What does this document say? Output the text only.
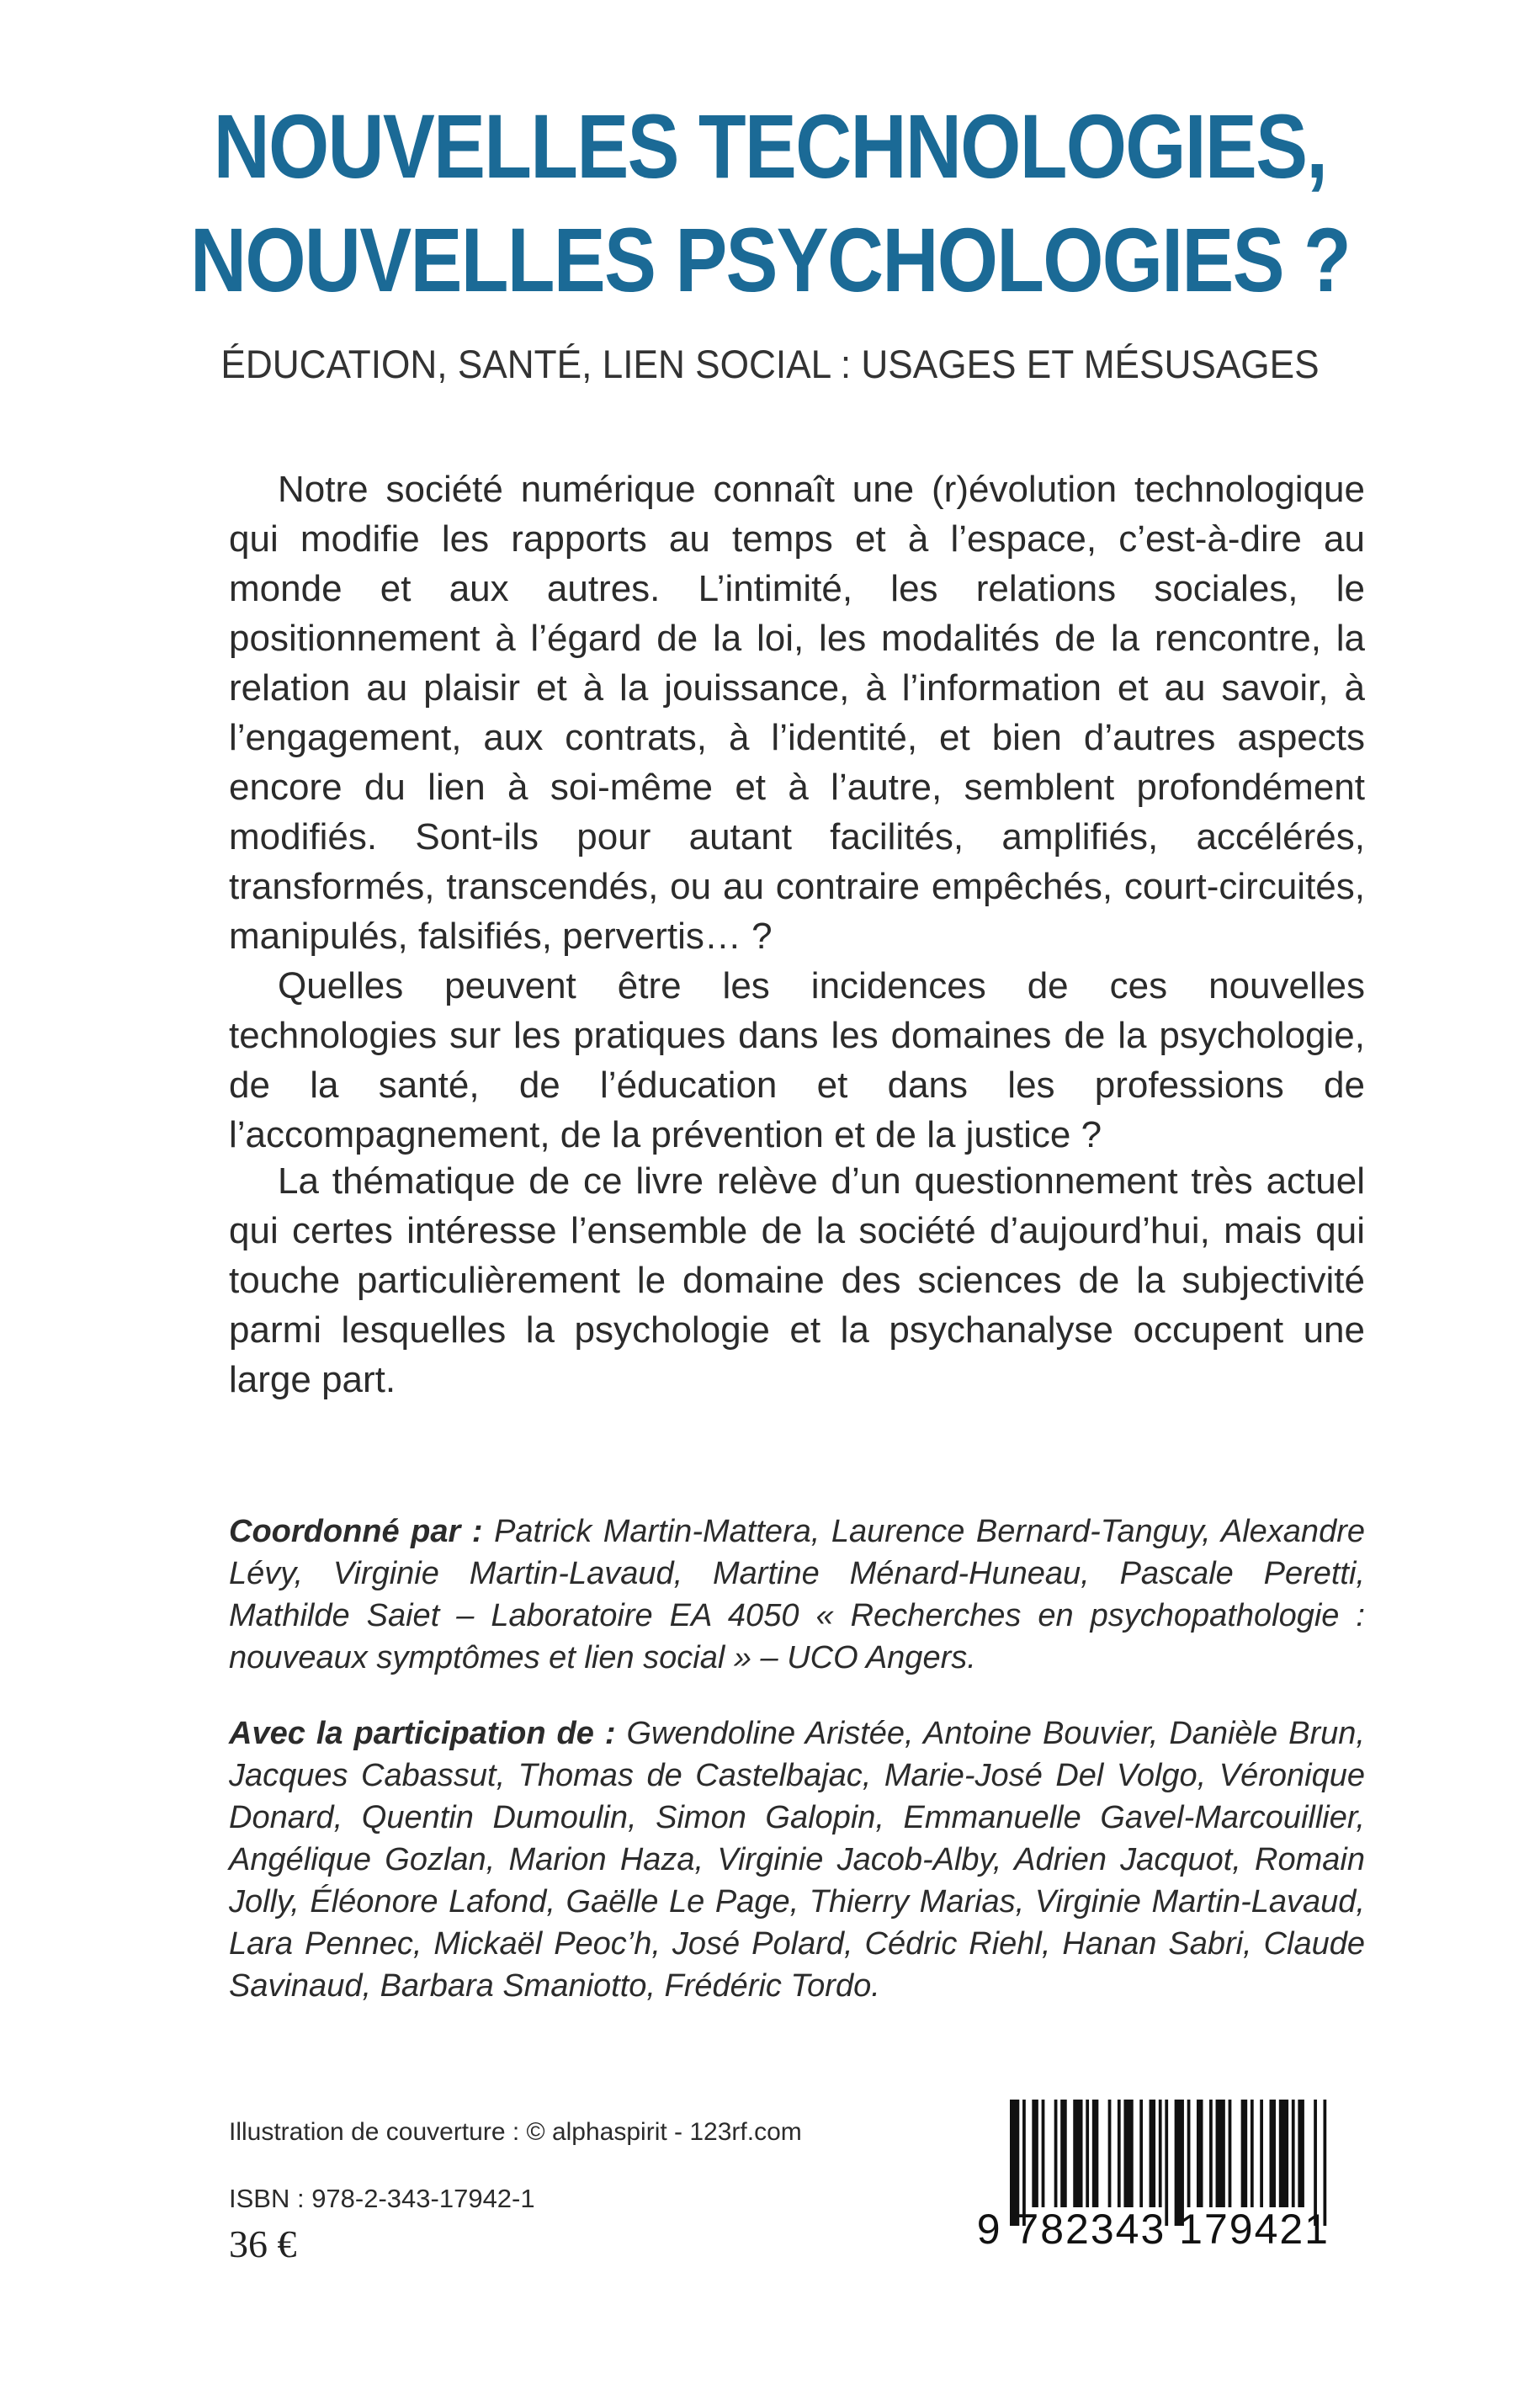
NOUVELLES TECHNOLOGIES,
NOUVELLES PSYCHOLOGIES ?
ÉDUCATION, SANTÉ, LIEN SOCIAL : USAGES ET MÉSUSAGES

Notre société numérique connaît une (r)évolution technologique qui modifie les rapports au temps et à l’espace, c’est-à-dire au monde et aux autres. L’intimité, les relations sociales, le positionnement à l’égard de la loi, les modalités de la rencontre, la relation au plaisir et à la jouissance, à l’information et au savoir, à l’engagement, aux contrats, à l’identité, et bien d’autres aspects encore du lien à soi-même et à l’autre, semblent profondément modifiés. Sont-ils pour autant facilités, amplifiés, accélérés, transformés, transcendés, ou au contraire empêchés, court-circuités, manipulés, falsifiés, pervertis… ?

Quelles peuvent être les incidences de ces nouvelles technologies sur les pratiques dans les domaines de la psychologie, de la santé, de l’éducation et dans les professions de l’accompagnement, de la prévention et de la justice ?

La thématique de ce livre relève d’un questionnement très actuel qui certes intéresse l’ensemble de la société d’aujourd’hui, mais qui touche particulièrement le domaine des sciences de la subjectivité parmi lesquelles la psychologie et la psychanalyse occupent une large part.

Coordonné par : Patrick Martin-Mattera, Laurence Bernard-Tanguy, Alexandre Lévy, Virginie Martin-Lavaud, Martine Ménard-Huneau, Pascale Peretti, Mathilde Saiet – Laboratoire EA 4050 « Recherches en psychopathologie : nouveaux symptômes et lien social » – UCO Angers.

Avec la participation de : Gwendoline Aristée, Antoine Bouvier, Danièle Brun, Jacques Cabassut, Thomas de Castelbajac, Marie-José Del Volgo, Véronique Donard, Quentin Dumoulin, Simon Galopin, Emmanuelle Gavel-Marcouillier, Angélique Gozlan, Marion Haza, Virginie Jacob-Alby, Adrien Jacquot, Romain Jolly, Éléonore Lafond, Gaëlle Le Page, Thierry Marias, Virginie Martin-Lavaud, Lara Pennec, Mickaël Peoc’h, José Polard, Cédric Riehl, Hanan Sabri, Claude Savinaud, Barbara Smaniotto, Frédéric Tordo.

Illustration de couverture : © alphaspirit - 123rf.com
ISBN : 978-2-343-17942-1
36 €	9 782343 179421
